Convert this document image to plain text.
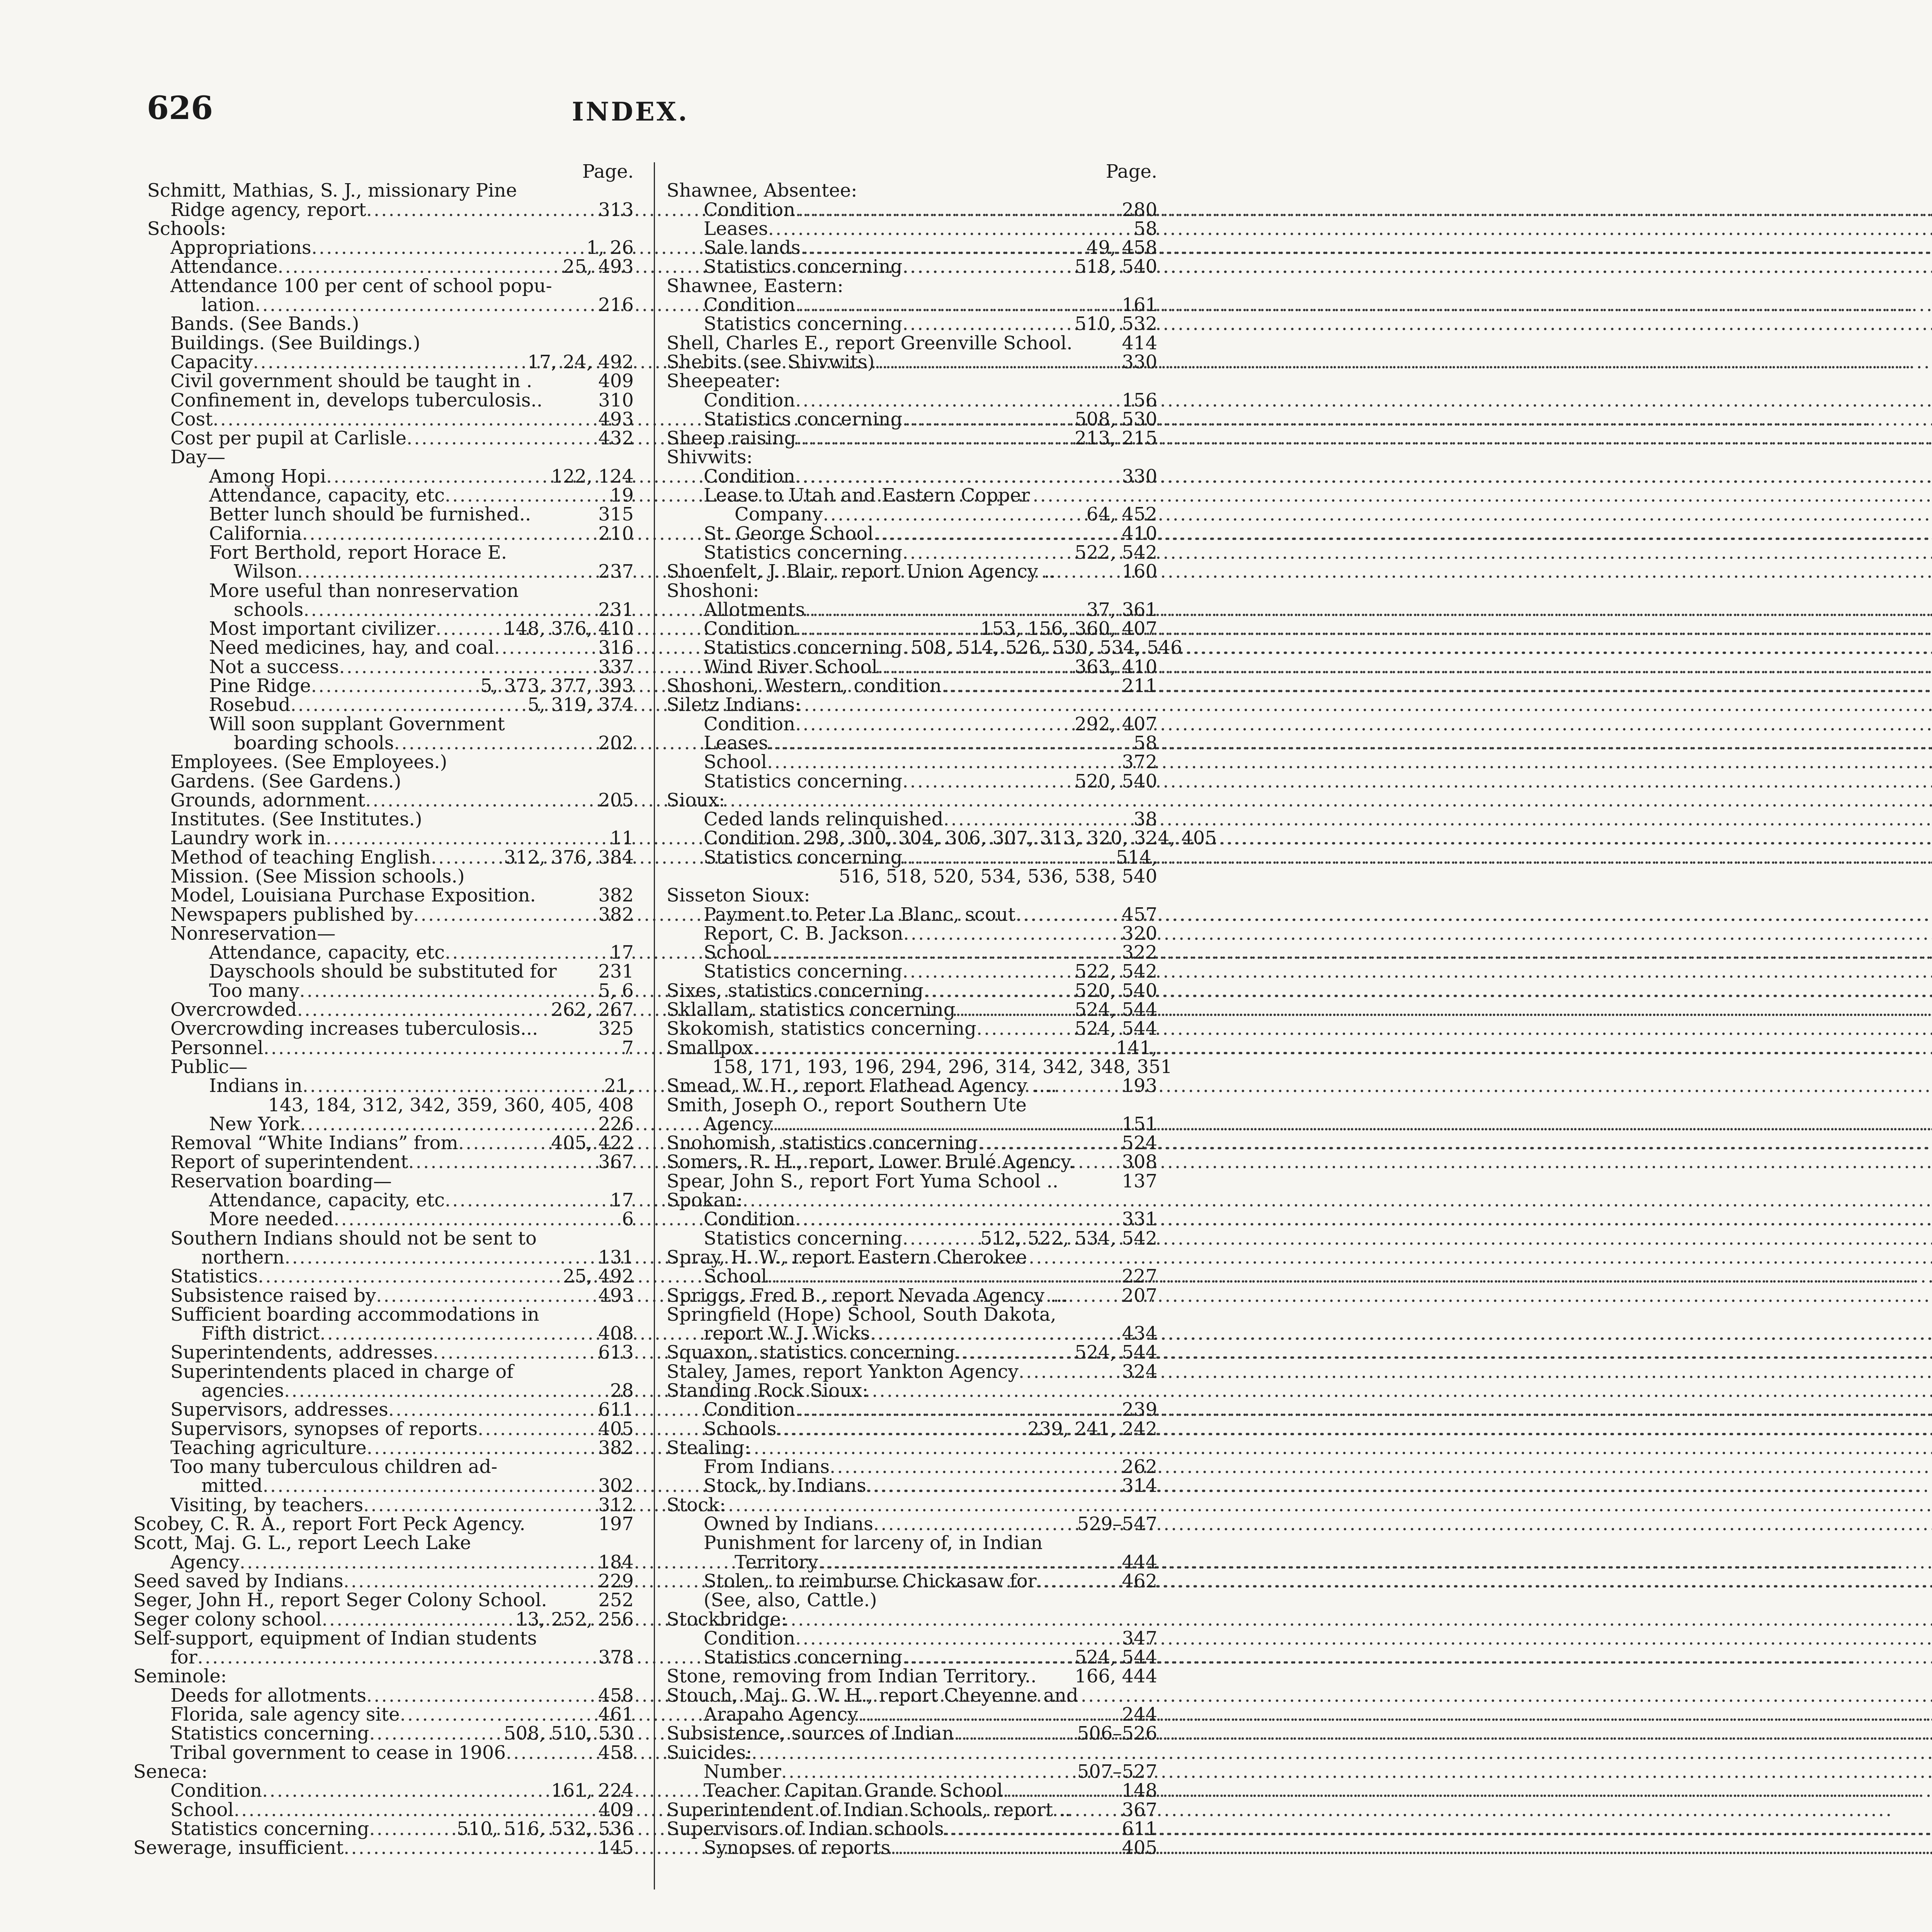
626	INDEX.
Page.
Schmitt, Mathias, S. J., missionary Pine
Ridge agency, report .....	313
Schools:
Appropriations .....	1, 26
Attendance .....	25, 493
Attendance 100 per cent of school popu-
lation .....	216
Bands. (See Bands.)
Buildings. (See Buildings.)
Capacity .....	17, 24, 492
Civil government should be taught in .	409
Confinement in, develops tuberculosis..	310
Cost .....	493
Cost per pupil at Carlisle .....	432
Day—
Among Hopi .....	122, 124
Attendance, capacity, etc .....	19
Better lunch should be furnished..	315
California .....	210
Fort Berthold, report Horace E.
Wilson .....	237
More useful than nonreservation
schools .....	231
Most important civilizer .....	148, 376, 410
Need medicines, hay, and coal .....	316
Not a success .....	337
Pine Ridge .....	5, 373, 377, 393
Rosebud .....	5, 319, 374
Will soon supplant Government
boarding schools .....	202
Employees. (See Employees.)
Gardens. (See Gardens.)
Grounds, adornment .....	205
Institutes. (See Institutes.)
Laundry work in .....	11
Method of teaching English .....	312, 376, 384
Mission. (See Mission schools.)
Model, Louisiana Purchase Exposition.	382
Newspapers published by .....	382
Nonreservation—
Attendance, capacity, etc .....	17
Dayschools should be substituted for 231
Too many .....	5, 6
Overcrowded .....	262, 267
Overcrowding increases tuberculosis...	325
Personnel .....	7
Public—
Indians in .....	21,
143, 184, 312, 342, 359, 360, 405, 408
New York .....	226
Removal “White Indians” from .....	405, 422
Report of superintendent .....	367
Reservation boarding—
Attendance, capacity, etc .....	17
More needed .....	6
Southern Indians should not be sent to
northern .....	131
Statistics .....	25, 492
Subsistence raised by .....	493
Sufficient boarding accommodations in
Fifth district .....	408
Superintendents, addresses .....	613
Superintendents placed in charge of
agencies .....	28
Supervisors, addresses .....	611
Supervisors, synopses of reports .....	405
Teaching agriculture .....	382
Too many tuberculous children ad-
mitted .....	302
Visiting, by teachers .....	312
Scobey, C. R. A., report Fort Peck Agency.	197
Scott, Maj. G. L., report Leech Lake
Agency .....	184
Seed saved by Indians .....	229
Seger, John H., report Seger Colony School.	252
Seger colony school .....	13, 252, 256
Self-support, equipment of Indian students
for .....	378
Seminole:
Deeds for allotments .....	458
Florida, sale agency site .....	461
Statistics concerning .....	508, 510, 530
Tribal government to cease in 1906 .....	458
Seneca:
Condition .....	161, 224
School .....	409
Statistics concerning .....	510, 516, 532, 536
Sewerage, insufficient .....	145
Page.
Shawnee, Absentee:
Condition .....	280
Leases .....	58
Sale lands .....	49, 458
Statistics concerning .....	518, 540
Shawnee, Eastern:
Condition .....	161
Statistics concerning .....	510, 532
Shell, Charles E., report Greenville School.	414
Shebits (see Shivwits) .....	330
Sheepeater:
Condition .....	156
Statistics concerning .....	508, 530
Sheep raising .....	213, 215
Shivwits:
Condition .....	330
Lease to Utah and Eastern Copper
Company .....	64, 452
St. George School .....	410
Statistics concerning .....	522, 542
Shoenfelt, J. Blair, report Union Agency ..	160
Shoshoni:
Allotments .....	37, 361
Condition .....	153, 156, 360, 407
Statistics concerning ..... 508, 514, 526, 530, 534, 546
Wind River School .....	363, 410
Shoshoni, Western, condition .....	211
Siletz Indians:
Condition .....	292, 407
Leases .....	58
School .....	372
Statistics concerning .....	520, 540
Sioux:
Ceded lands relinquished .....	38
Condition ..... 298, 300, 304, 306, 307, 313, 320, 324, 405
Statistics concerning .....	514,
516, 518, 520, 534, 536, 538, 540
Sisseton Sioux:
Payment to Peter La Blanc, scout .....	457
Report, C. B. Jackson .....	320
School .....	322
Statistics concerning .....	522, 542
Sixes, statistics concerning .....	520, 540
Sklallam, statistics concerning .....	524, 544
Skokomish, statistics concerning .....	524, 544
Smallpox .....	141,
158, 171, 193, 196, 294, 296, 314, 342, 348, 351
Smead, W. H., report Flathead Agency ....	193
Smith, Joseph O., report Southern Ute
Agency .....	151
Snohomish, statistics concerning .....	524
Somers, R. H., report, Lower Brulé Agency.	308
Spear, John S., report Fort Yuma School ..	137
Spokan:
Condition .....	331
Statistics concerning .....	512, 522, 534, 542
Spray, H. W., report Eastern Cherokee
School .....	227
Spriggs, Fred B., report Nevada Agency ...	207
Springfield (Hope) School, South Dakota,
report W. J. Wicks .....	434
Squaxon, statistics concerning .....	524, 544
Staley, James, report Yankton Agency .....	324
Standing Rock Sioux:
Condition .....	239
Schools .....	239, 241, 242
Stealing:
From Indians .....	262
Stock, by Indians .....	314
Stock:
Owned by Indians .....	529–547
Punishment for larceny of, in Indian
Territory .....	444
Stolen, to reimburse Chickasaw for .....	462
(See, also, Cattle.)
Stockbridge:
Condition .....	347
Statistics concerning .....	524, 544
Stone, removing from Indian Territory.. 166, 444
Stouch, Maj. G. W. H., report Cheyenne and
Arapaho Agency .....	244
Subsistence, sources of Indian .....	506–526
Suicides:
Number .....	507–527
Teacher Capitan Grande School .....	148
Superintendent of Indian Schools, report ..	367
Supervisors of Indian schools .....	611
Synopses of reports .....	405
